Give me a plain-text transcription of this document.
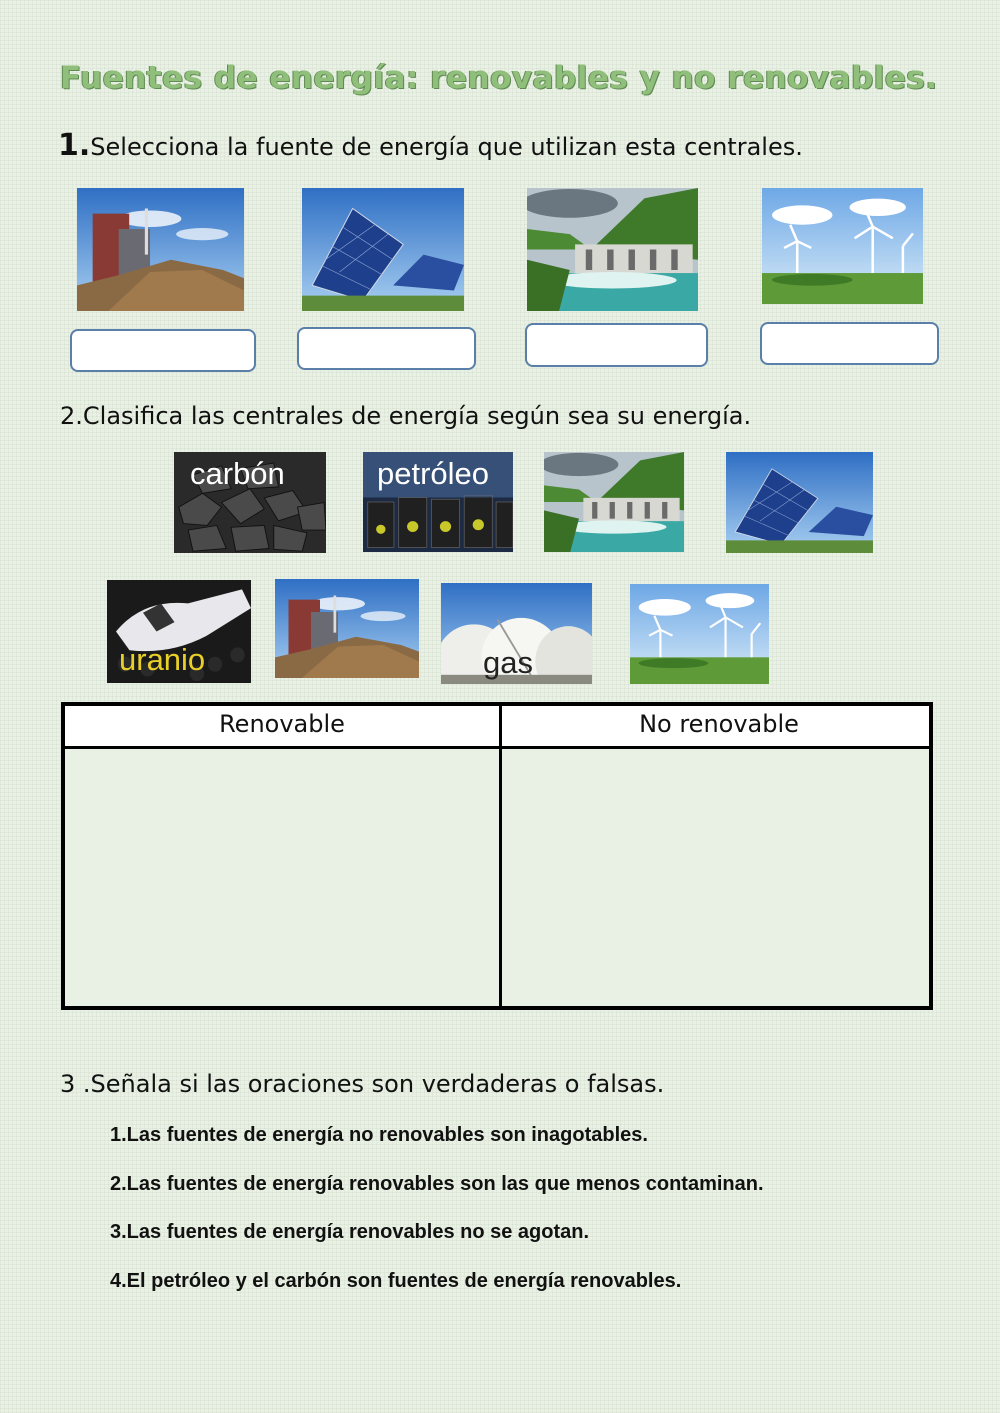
Fuentes de energía: renovables y no renovables.
1.Selecciona la fuente de energía que utilizan esta centrales.
2.Clasifica las centrales de energía según sea su energía.
carbón	petróleo
uranio	gas
Renovable	No renovable
3 .Señala si las oraciones son verdaderas o falsas.
1.Las fuentes de energía no renovables son inagotables.
2.Las fuentes de energía renovables son las que menos contaminan.
3.Las fuentes de energía renovables no se agotan.
4.El petróleo y el carbón son fuentes de energía renovables.
